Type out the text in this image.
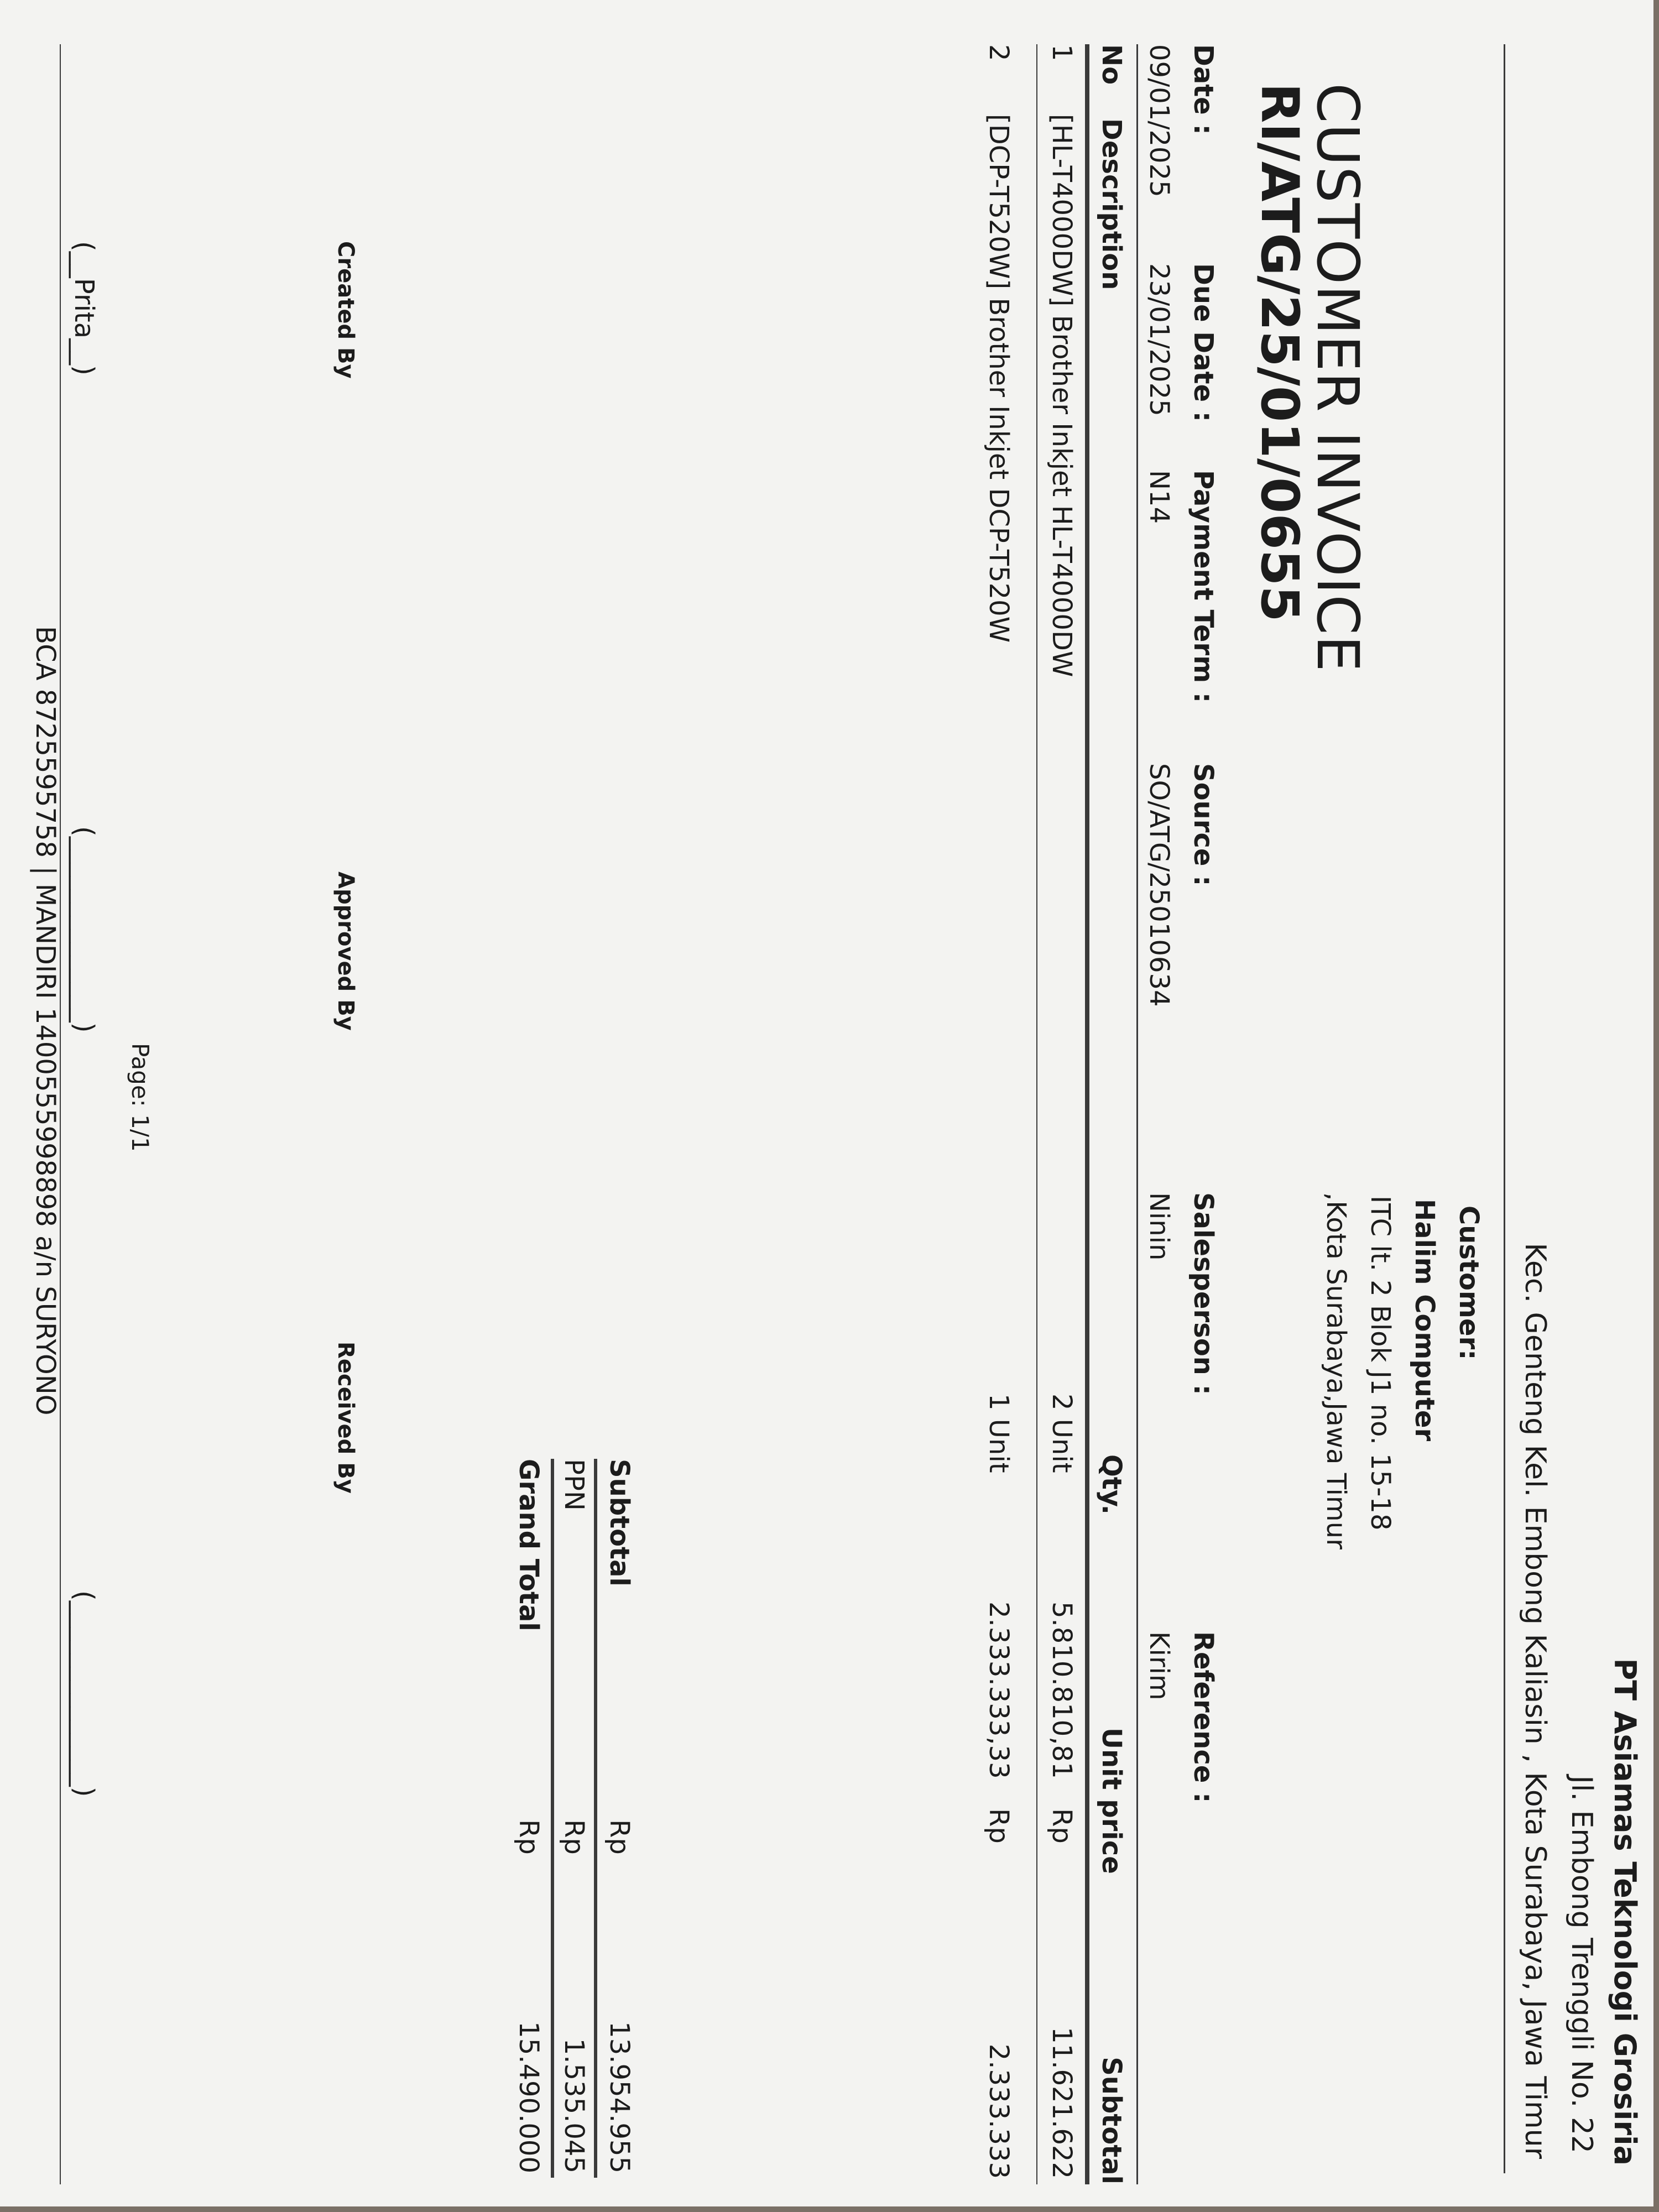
PT Asiamas Teknologi Grosiria
Jl. Embong Trenggli No. 22
Kec. Genteng Kel. Embong Kaliasin , Kota Surabaya, Jawa Timur
Customer:
Halim Computer
ITC lt. 2 Blok J1 no. 15-18
,Kota Surabaya,Jawa Timur
CUSTOMER INVOICE
RI/ATG/25/01/0655
Date :
Due Date :
Payment Term :
Source :
Salesperson :
Reference :
09/01/2025
23/01/2025
N14
SO/ATG/25010634
Ninin
Kirim
No
Description
Qty.
Unit price
Subtotal
1
[HL-T4000DW] Brother Inkjet HL-T4000DW
2 Unit
5.810.810,81
Rp
11.621.622
2
[DCP-T520W] Brother Inkjet DCP-T520W
1 Unit
2.333.333,33
Rp
2.333.333
Subtotal
Rp
13.954.955
PPN
Rp
1.535.045
Grand Total
Rp
15.490.000
Created By
Approved By
Received By
(__Prita__)
(______________)
(______________)
BCA 8725595758 | MANDIRI 1400555998898 a/n SURYONO	Page: 1/1
